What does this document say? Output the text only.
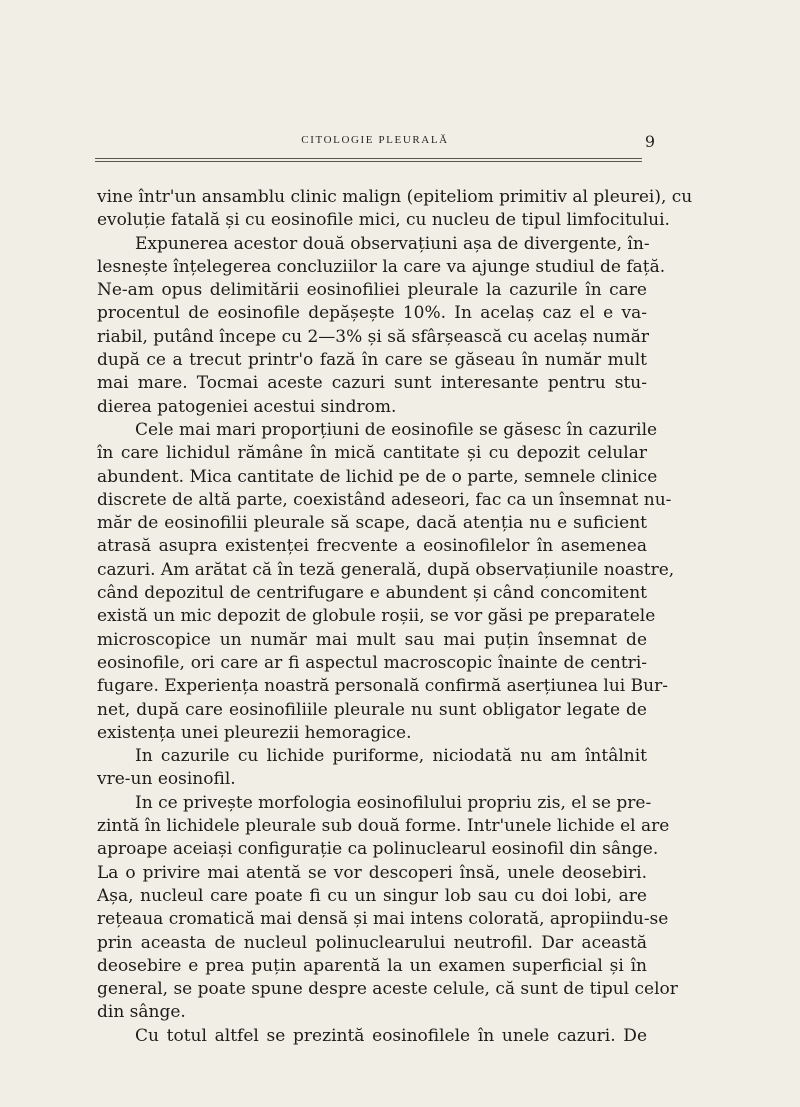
CITOLOGIE PLEURALĂ	9
vine într'un ansamblu clinic malign (epiteliom primitiv al pleurei), cu
evoluție fatală și cu eosinofile mici, cu nucleu de tipul limfocitului.
Expunerea acestor două observațiuni așa de divergente, în-
lesnește înțelegerea concluziilor la care va ajunge studiul de față.
Ne-am opus delimitării eosinofiliei pleurale la cazurile în care
procentul de eosinofile depășește 10%. In acelaș caz el e va-
riabil, putând începe cu 2—3% și să sfârșească cu acelaș număr
după ce a trecut printr'o fază în care se găseau în număr mult
mai mare. Tocmai aceste cazuri sunt interesante pentru stu-
dierea patogeniei acestui sindrom.
Cele mai mari proporțiuni de eosinofile se găsesc în cazurile
în care lichidul rămâne în mică cantitate și cu depozit celular
abundent. Mica cantitate de lichid pe de o parte, semnele clinice
discrete de altă parte, coexistând adeseori, fac ca un însemnat nu-
măr de eosinofilii pleurale să scape, dacă atenția nu e suficient
atrasă asupra existenței frecvente a eosinofilelor în asemenea
cazuri. Am arătat că în teză generală, după observațiunile noastre,
când depozitul de centrifugare e abundent și când concomitent
există un mic depozit de globule roșii, se vor găsi pe preparatele
microscopice un număr mai mult sau mai puțin însemnat de
eosinofile, ori care ar fi aspectul macroscopic înainte de centri-
fugare. Experiența noastră personală confirmă aserțiunea lui Bur-
net, după care eosinofiliile pleurale nu sunt obligator legate de
existența unei pleurezii hemoragice.
In cazurile cu lichide puriforme, niciodată nu am întâlnit
vre-un eosinofil.
In ce privește morfologia eosinofilului propriu zis, el se pre-
zintă în lichidele pleurale sub două forme. Intr'unele lichide el are
aproape aceiași configurație ca polinuclearul eosinofil din sânge.
La o privire mai atentă se vor descoperi însă, unele deosebiri.
Așa, nucleul care poate fi cu un singur lob sau cu doi lobi, are
rețeaua cromatică mai densă și mai intens colorată, apropiindu-se
prin aceasta de nucleul polinuclearului neutrofil. Dar această
deosebire e prea puțin aparentă la un examen superficial și în
general, se poate spune despre aceste celule, că sunt de tipul celor
din sânge.
Cu totul altfel se prezintă eosinofilele în unele cazuri. De
